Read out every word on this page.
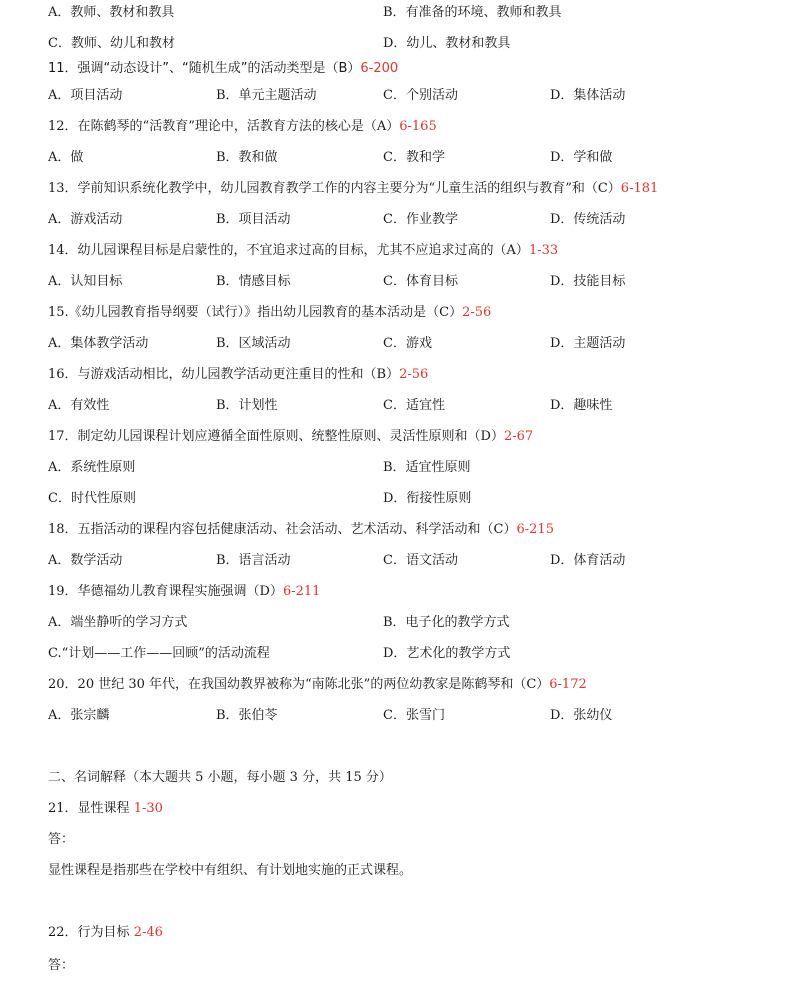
A．教师、教材和教具	B．有准备的环境、教师和教具
C．教师、幼儿和教材	D．幼儿、教材和教具
11．强调“动态设计”、“随机生成”的活动类型是（B）6-200
A．项目活动	B．单元主题活动	C．个别活动	D．集体活动
12．在陈鹤琴的“活教育”理论中，活教育方法的核心是（A）6-165
A．做	B．教和做	C．教和学	D．学和做
13．学前知识系统化教学中，幼儿园教育教学工作的内容主要分为“儿童生活的组织与教育”和（C）6-181
A．游戏活动	B．项目活动	C．作业教学	D．传统活动
14．幼儿园课程目标是启蒙性的，不宜追求过高的目标，尤其不应追求过高的（A）1-33
A．认知目标	B．情感目标	C．体育目标	D．技能目标
15.《幼儿园教育指导纲要（试行）》指出幼儿园教育的基本活动是（C）2-56
A．集体教学活动	B．区域活动	C．游戏	D．主题活动
16．与游戏活动相比，幼儿园教学活动更注重目的性和（B）2-56
A．有效性	B．计划性	C．适宜性	D．趣味性
17．制定幼儿园课程计划应遵循全面性原则、统整性原则、灵活性原则和（D）2-67
A．系统性原则	B．适宜性原则
C．时代性原则	D．衔接性原则
18．五指活动的课程内容包括健康活动、社会活动、艺术活动、科学活动和（C）6-215
A．数学活动	B．语言活动	C．语文活动	D．体育活动
19．华德福幼儿教育课程实施强调（D）6-211
A．端坐静听的学习方式	B．电子化的教学方式
C.“计划——工作——回顾”的活动流程	D．艺术化的教学方式
20．20 世纪 30 年代，在我国幼教界被称为“南陈北张”的两位幼教家是陈鹤琴和（C）6-172
A．张宗麟	B．张伯苓	C．张雪门	D．张幼仪
二、名词解释（本大题共 5 小题，每小题 3 分，共 15 分）
21．显性课程 1-30
答：
显性课程是指那些在学校中有组织、有计划地实施的正式课程。
22．行为目标 2-46
答：
